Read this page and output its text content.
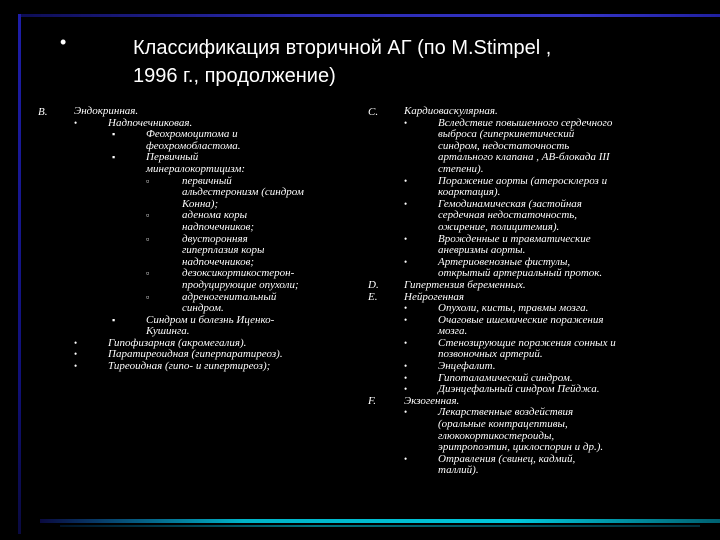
•	Классификация вторичной АГ (по M.Stimpel ,
1996 г., продолжение)
B. Эндокринная.
•	Надпочечниковая.
▪	Феохромоцитома и
феохромобластома.
▪	Первичный
минералокортицизм:
▫	первичный
альдестеронизм (синдром
Конна);
▫	аденома коры
надпочечников;
▫	двусторонняя
гиперплазия коры
надпочечников;
▫	дезоксикортикостерон-
продуцирующие опухоли;
▫	адреногенитальный
синдром.
▪	Синдром и болезнь Иценко-
Кушинга.
•	Гипофизарная (акромегалия).
•	Паратиреоидная (гиперпаратиреоз).
•	Тиреоидная (гипо- и гипертиреоз);
C.
D.
E.
F.
Кардиоваскулярная.
•	Вследствие повышенного сердечного
выброса (гиперкинетический
синдром, недостаточность
артального клапана , АВ-блокада III
степени).
•	Поражение аорты (атеросклероз и
коарктация).
•	Гемодинамическая (застойная
сердечная недостаточность,
ожирение, полицитемия).
•	Врожденные и травматические
аневризмы аорты.
•	Артериовенозные фистулы,
открытый артериальный проток.
Гипертензия беременных.
Нейрогенная
•	Опухоли, кисты, травмы мозга.
•	Очаговые ишемические поражения
мозга.
•	Стенозирующие поражения сонных и
позвоночных артерий.
•	Энцефалит.
•	Гипоталамический синдром.
•	Диэнцефальный синдром Пейджа.
Экзогенная.
•	Лекарственные воздействия
(оральные контрацептивы,
глюкокортикостероиды,
эритропоэтин, циклоспорин и др.).
•	Отравления (свинец, кадмий,
таллий).
